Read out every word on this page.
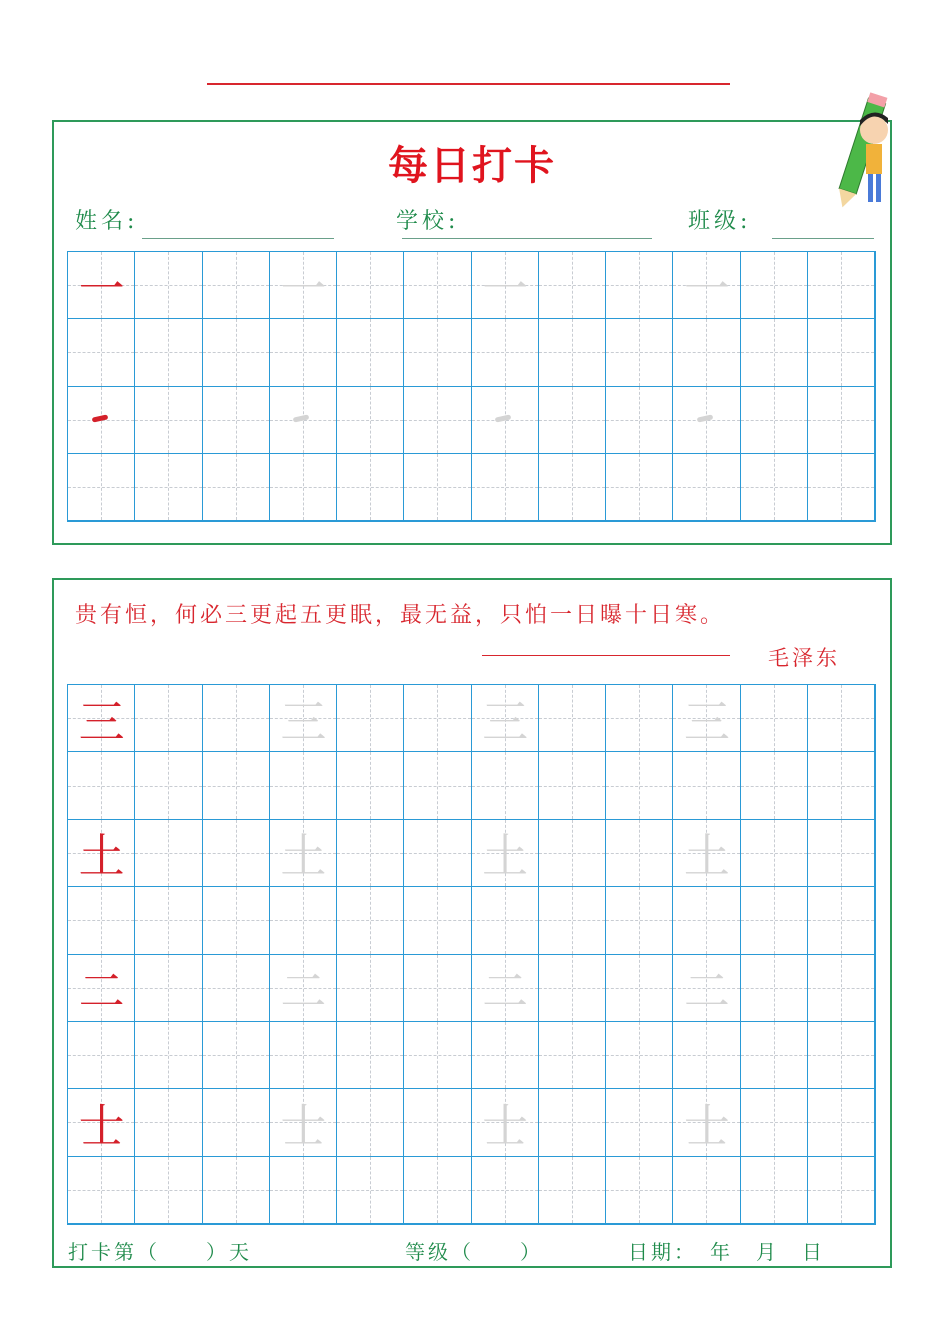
每日打卡
姓名:	学校:	班级:
一	一	一	一
贵有恒，何必三更起五更眠，最无益，只怕一日曝十日寒。
毛泽东
三	三	三	三
土	土	土	土
二	二	二	二
士	士	士	士
打卡第（　　）天	等级（　　）	日期：　年　月　日
